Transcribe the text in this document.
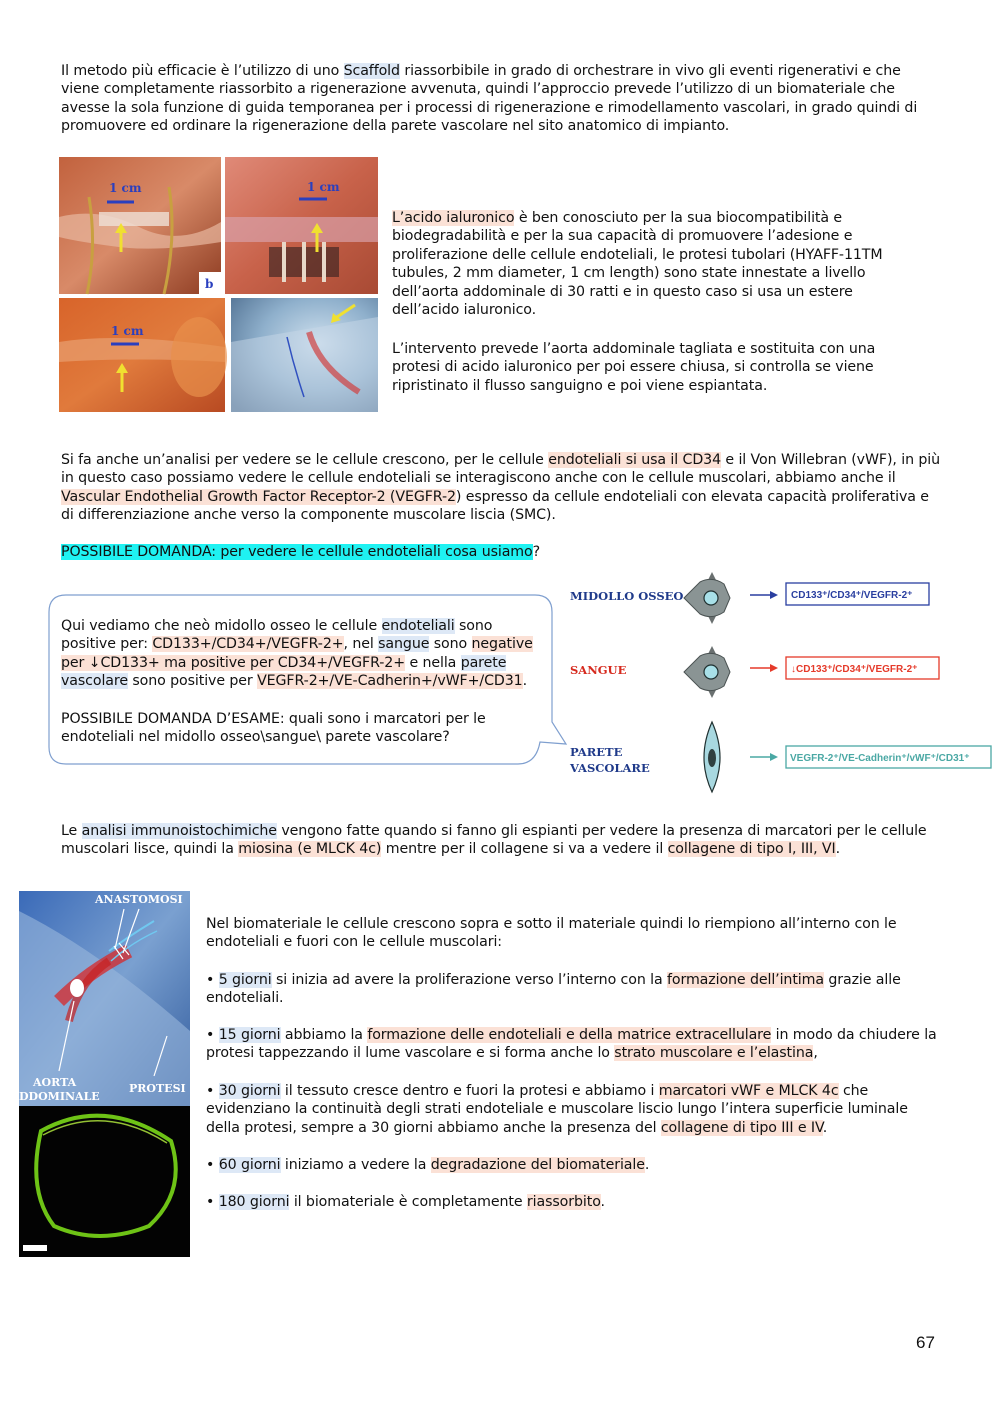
Il metodo più efficacie è l’utilizzo di uno Scaffold riassorbibile in grado di orchestrare in vivo gli eventi rigenerativi e che viene completamente riassorbito a rigenerazione avvenuta, quindi l’approccio prevede l’utilizzo di un biomateriale che avesse la sola funzione di guida temporanea per i processi di rigenerazione e rimodellamento vascolari, in grado quindi di promuovere ed ordinare la rigenerazione della parete vascolare nel sito anatomico di impianto.
1 cm	1 cm
b
1 cm
L’acido ialuronico è ben conosciuto per la sua biocompatibilità e biodegradabilità e per la sua capacità di promuovere l’adesione e proliferazione delle cellule endoteliali, le protesi tubolari (HYAFF-11TM tubules, 2 mm diameter, 1 cm length) sono state innestate a livello dell’aorta addominale di 30 ratti e in questo caso si usa un estere dell’acido ialuronico.
L’intervento prevede l’aorta addominale tagliata e sostituita con una protesi di acido ialuronico per poi essere chiusa, si controlla se viene ripristinato il flusso sanguigno e poi viene espiantata.
Si fa anche un’analisi per vedere se le cellule crescono, per le cellule endoteliali si usa il CD34 e il Von Willebran (vWF), in più in questo caso possiamo vedere le cellule endoteliali se interagiscono anche con le cellule muscolari, abbiamo anche il Vascular Endothelial Growth Factor Receptor-2 (VEGFR-2) espresso da cellule endoteliali con elevata capacità proliferativa e di differenziazione anche verso la componente muscolare liscia (SMC).
POSSIBILE DOMANDA: per vedere le cellule endoteliali cosa usiamo?
Qui vediamo che neò midollo osseo le cellule endoteliali sono positive per: CD133+/CD34+/VEGFR-2+, nel sangue sono negative per ↓CD133+ ma positive per CD34+/VEGFR-2+ e nella parete vascolare sono positive per VEGFR-2+/VE-Cadherin+/vWF+/CD31.
POSSIBILE DOMANDA D’ESAME: quali sono i marcatori per le endoteliali nel midollo osseo\sangue\ parete vascolare?
MIDOLLO OSSEO	CD133⁺/CD34⁺/VEGFR-2⁺
SANGUE	↓CD133⁺/CD34⁺/VEGFR-2⁺
PARETE
VASCOLARE
VEGFR-2⁺/VE-Cadherin⁺/vWF⁺/CD31⁺
Le analisi immunoistochimiche vengono fatte quando si fanno gli espianti per vedere la presenza di marcatori per le cellule muscolari lisce, quindi la miosina (e MLCK 4c) mentre per il collagene si va a vedere il collagene di tipo I, III, VI.
ANASTOMOSI
AORTA
DDOMINALE
PROTESI
Nel biomateriale le cellule crescono sopra e sotto il materiale quindi lo riempiono all’interno con le endoteliali e fuori con le cellule muscolari:
• 5 giorni si inizia ad avere la proliferazione verso l’interno con la formazione dell’intima grazie alle endoteliali.
• 15 giorni abbiamo la formazione delle endoteliali e della matrice extracellulare in modo da chiudere la protesi tappezzando il lume vascolare e si forma anche lo strato muscolare e l’elastina,
• 30 giorni il tessuto cresce dentro e fuori la protesi e abbiamo i marcatori vWF e MLCK 4c che evidenziano la continuità degli strati endoteliale e muscolare liscio lungo l’intera superficie luminale della protesi, sempre a 30 giorni abbiamo anche la presenza del collagene di tipo III e IV.
• 60 giorni iniziamo a vedere la degradazione del biomateriale.
• 180 giorni il biomateriale è completamente riassorbito.
67
